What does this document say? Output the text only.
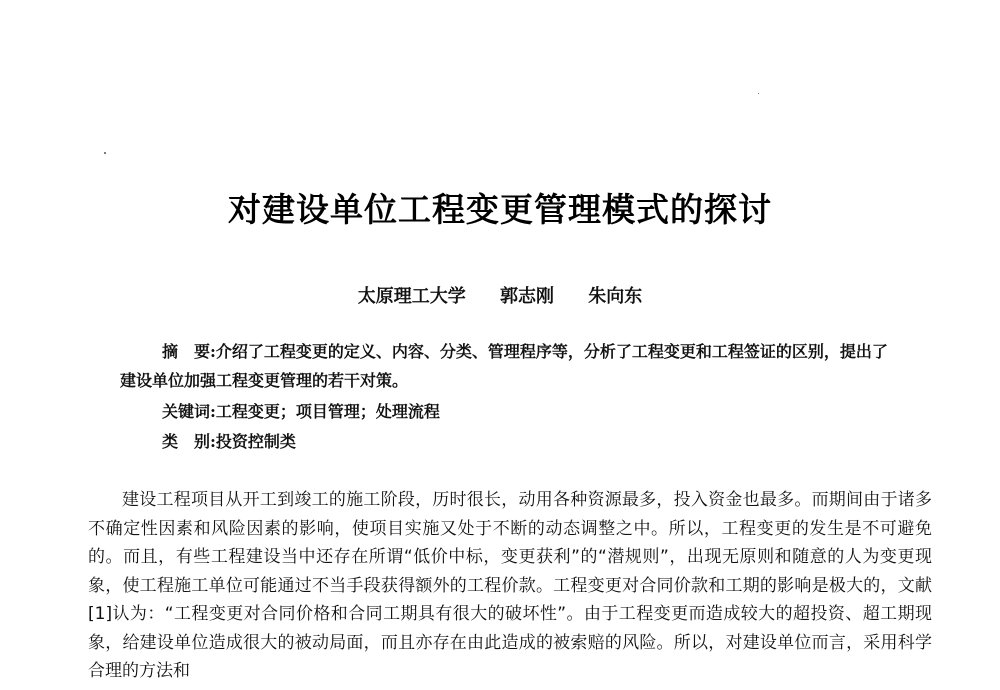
对建设单位工程变更管理模式的探讨
太原理工大学 郭志刚 朱向东
摘　要:介绍了工程变更的定义、内容、分类、管理程序等，分析了工程变更和工程签证的区别，提出了建设单位加强工程变更管理的若干对策。
关键词:工程变更；项目管理；处理流程
类　别:投资控制类
建设工程项目从开工到竣工的施工阶段，历时很长，动用各种资源最多，投入资金也最多。而期间由于诸多不确定性因素和风险因素的影响，使项目实施又处于不断的动态调整之中。所以，工程变更的发生是不可避免的。而且，有些工程建设当中还存在所谓“低价中标，变更获利”的“潜规则”，出现无原则和随意的人为变更现象，使工程施工单位可能通过不当手段获得额外的工程价款。工程变更对合同价款和工期的影响是极大的，文献[1]认为：“工程变更对合同价格和合同工期具有很大的破坏性”。由于工程变更而造成较大的超投资、超工期现象，给建设单位造成很大的被动局面，而且亦存在由此造成的被索赔的风险。所以，对建设单位而言，采用科学合理的方法和
